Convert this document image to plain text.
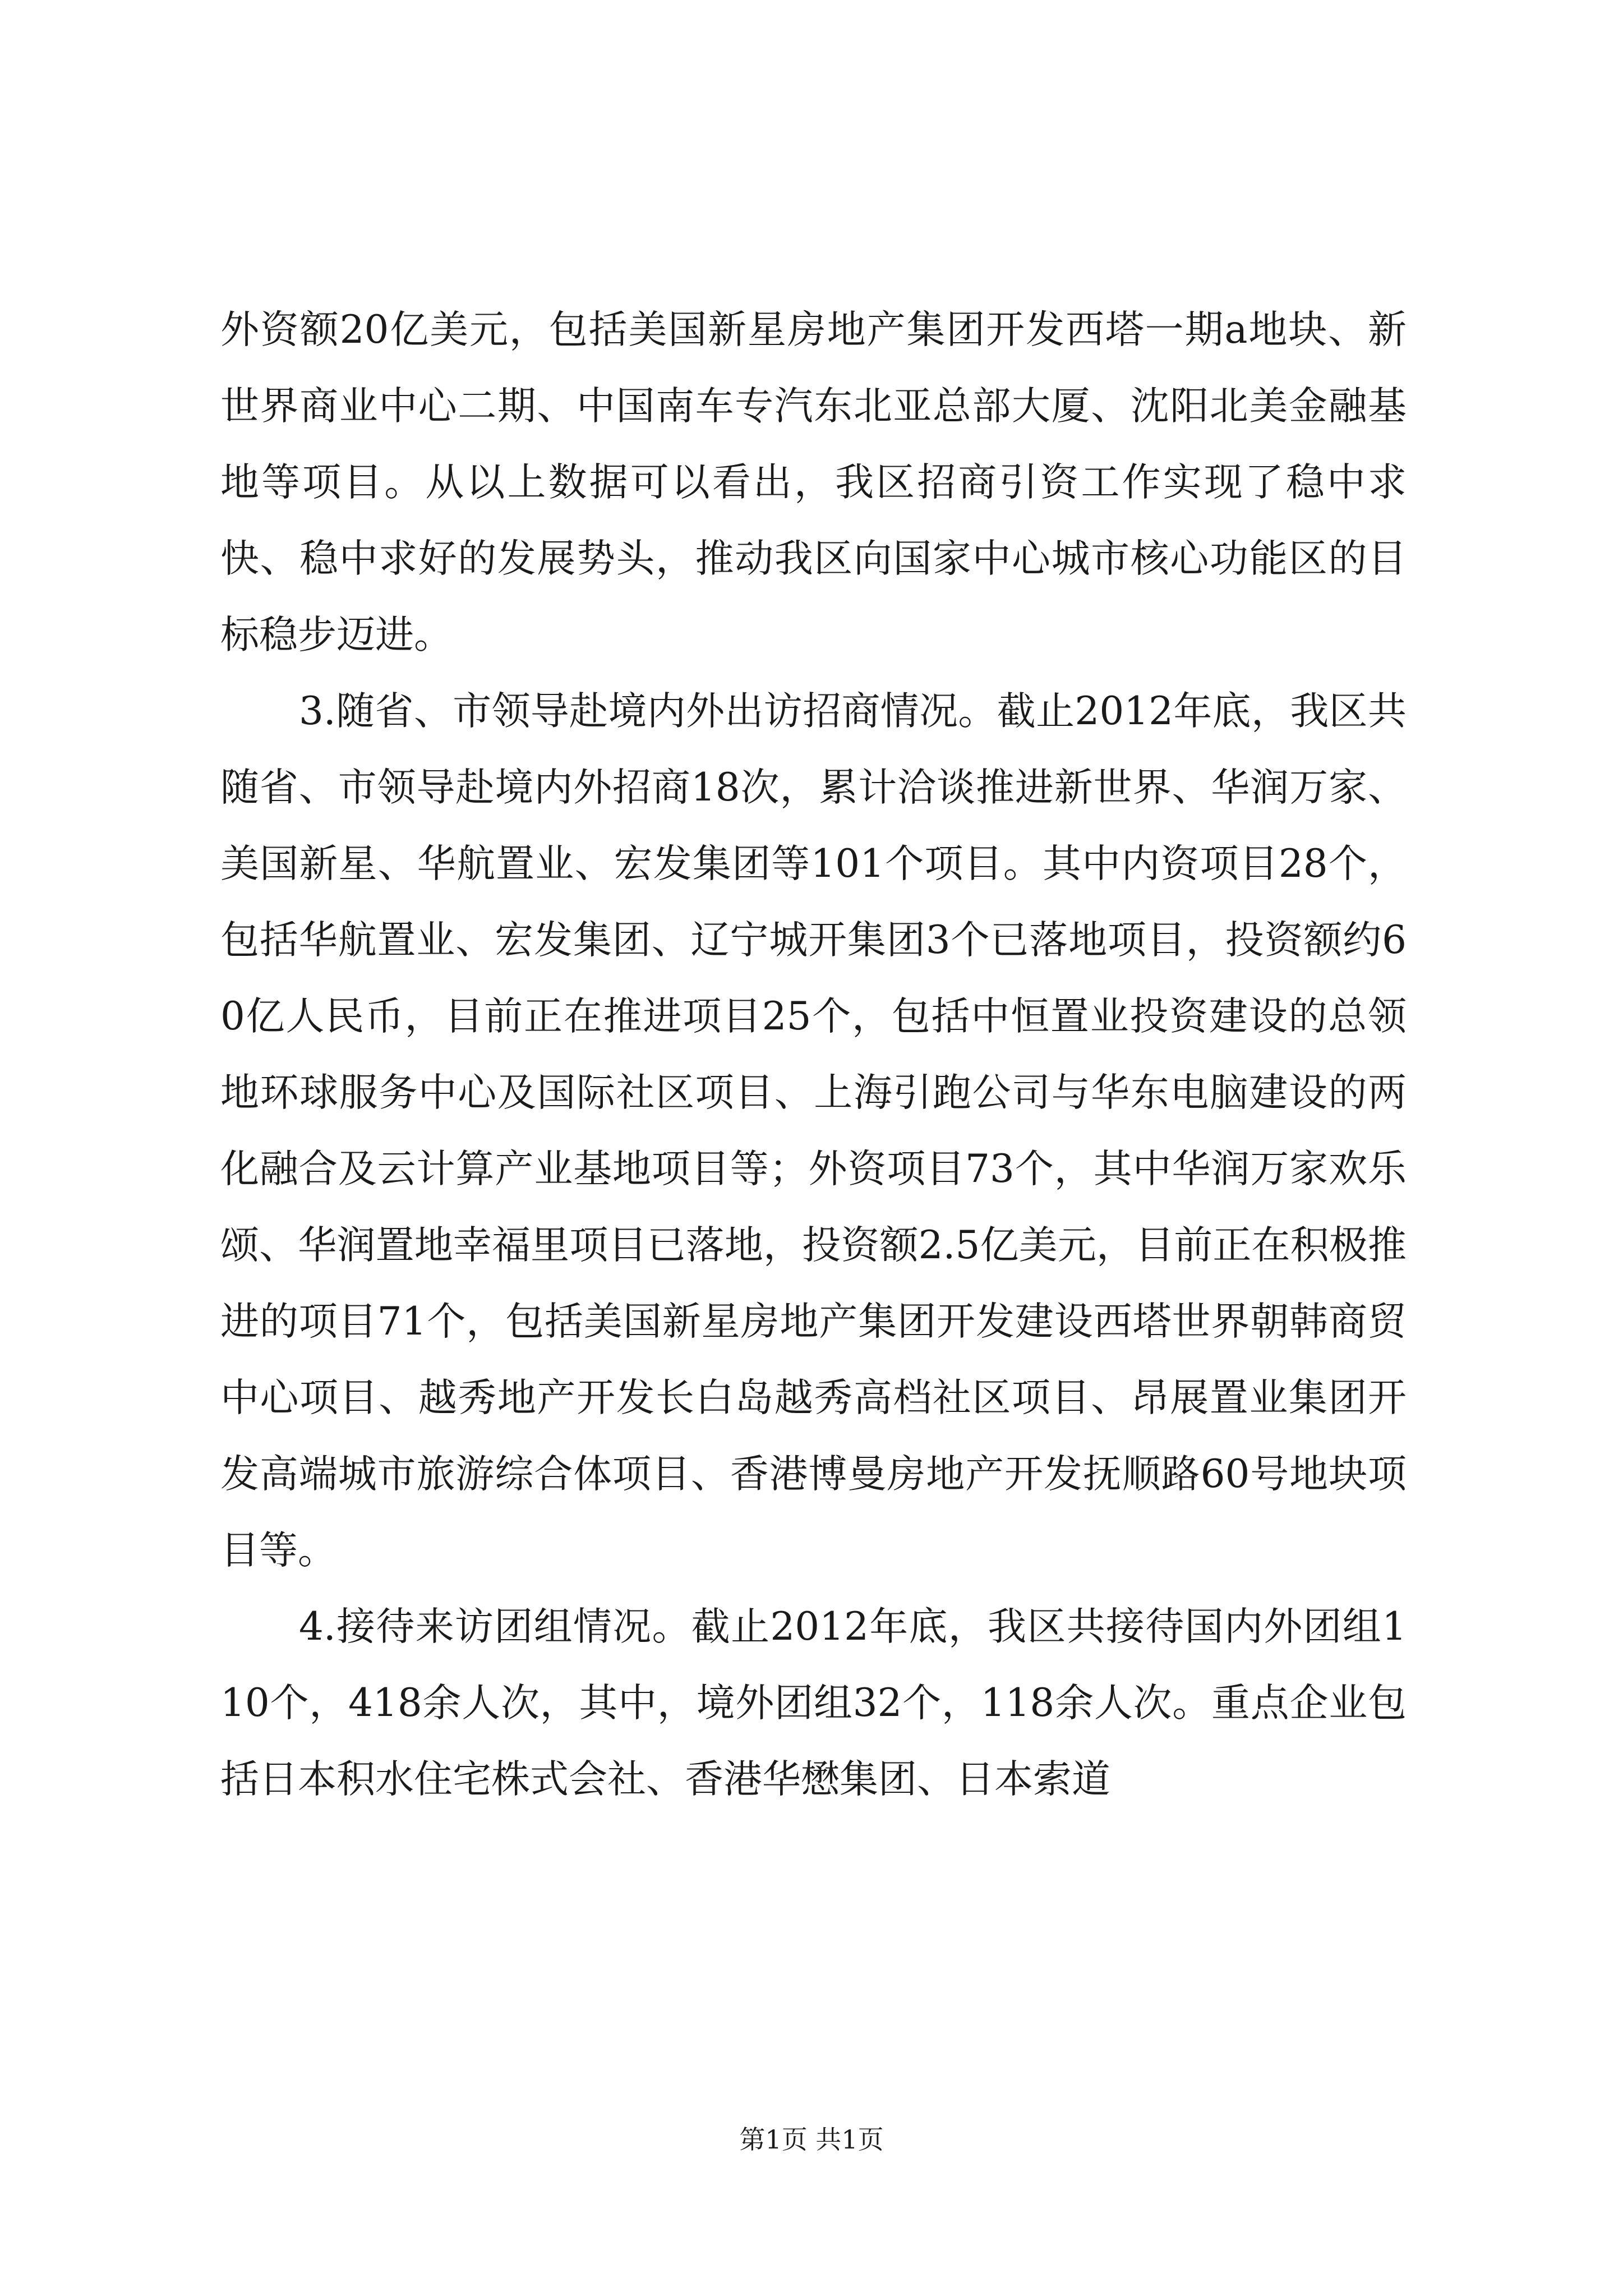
外资额20亿美元，包括美国新星房地产集团开发西塔一期a地块、新世界商业中心二期、中国南车专汽东北亚总部大厦、沈阳北美金融基地等项目。从以上数据可以看出，我区招商引资工作实现了稳中求快、稳中求好的发展势头，推动我区向国家中心城市核心功能区的目标稳步迈进。

3.随省、市领导赴境内外出访招商情况。截止2012年底，我区共随省、市领导赴境内外招商18次，累计洽谈推进新世界、华润万家、美国新星、华航置业、宏发集团等101个项目。其中内资项目28个，包括华航置业、宏发集团、辽宁城开集团3个已落地项目，投资额约60亿人民币，目前正在推进项目25个，包括中恒置业投资建设的总领地环球服务中心及国际社区项目、上海引跑公司与华东电脑建设的两化融合及云计算产业基地项目等；外资项目73个，其中华润万家欢乐颂、华润置地幸福里项目已落地，投资额2.5亿美元，目前正在积极推进的项目71个，包括美国新星房地产集团开发建设西塔世界朝韩商贸中心项目、越秀地产开发长白岛越秀高档社区项目、昂展置业集团开发高端城市旅游综合体项目、香港博曼房地产开发抚顺路60号地块项目等。

4.接待来访团组情况。截止2012年底，我区共接待国内外团组110个，418余人次，其中，境外团组32个，118余人次。重点企业包括日本积水住宅株式会社、香港华懋集团、日本索道

第1页 共1页
